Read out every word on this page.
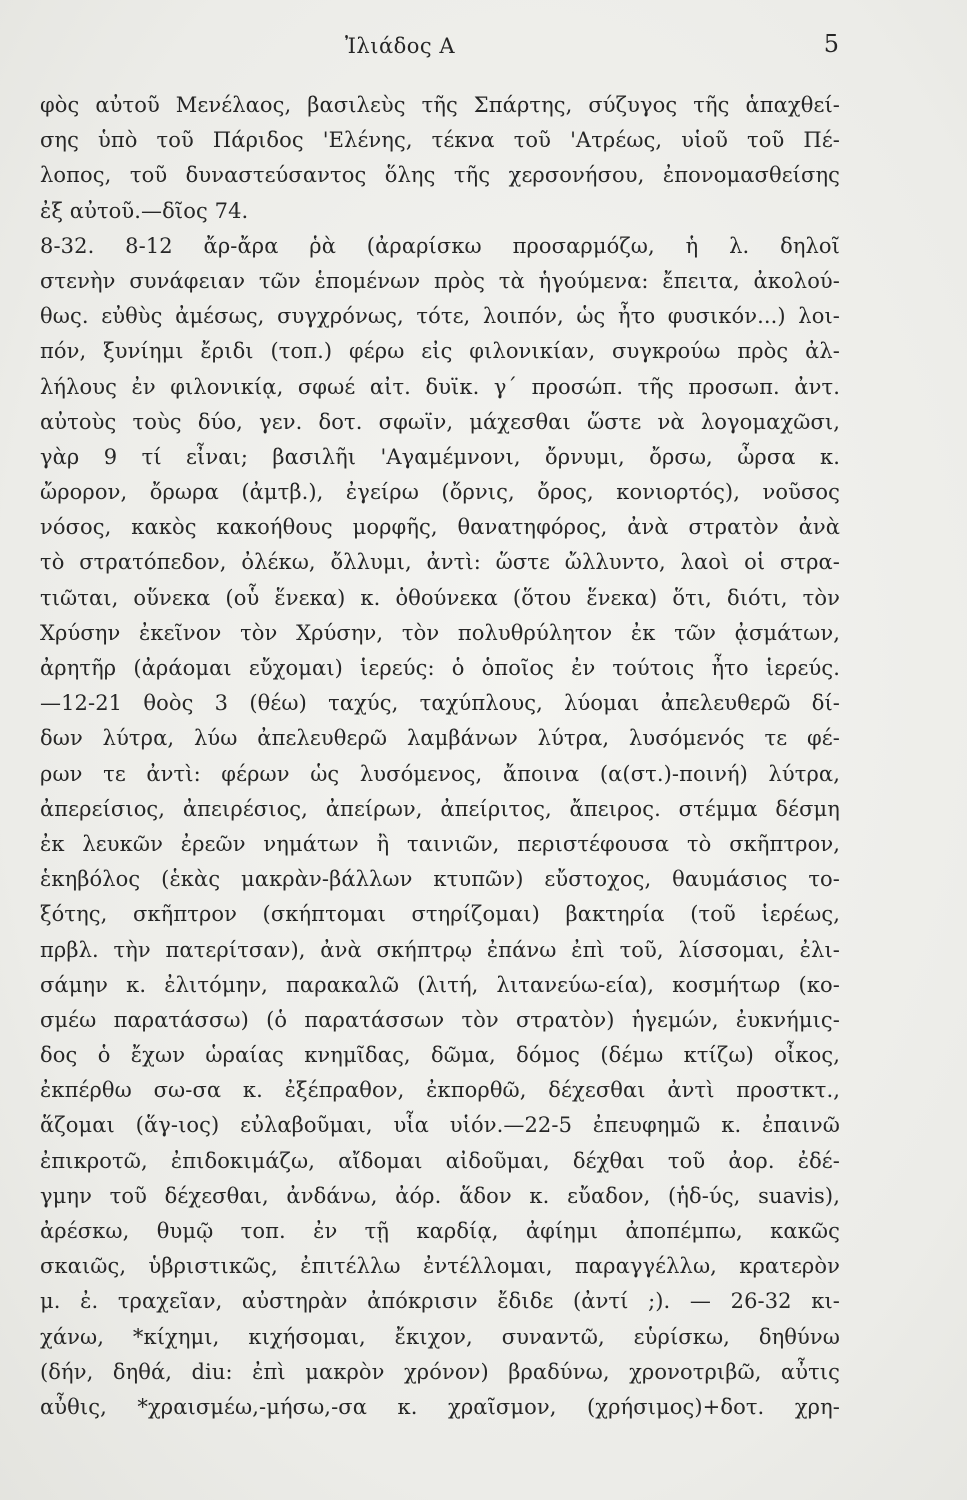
Ἰλιάδος Α	5
φὸς αὐτοῦ Μενέλαος, βασιλεὺς τῆς Σπάρτης, σύζυγος τῆς ἁπαχθεί-
σης ὑπὸ τοῦ Πάριδος 'Ελένης, τέκνα τοῦ 'Ατρέως, υἱοῦ τοῦ Πέ-
λοπος, τοῦ δυναστεύσαντος ὅλης τῆς χερσονήσου, ἐπονομασθείσης
ἐξ αὐτοῦ.—δῖος 74.
8-32. 8-12 ἄρ-ἄρα ῥὰ (ἀραρίσκω προσαρμόζω, ἡ λ. δηλοῖ
στενὴν συνάφειαν τῶν ἑπομένων πρὸς τὰ ἡγούμενα: ἔπειτα, ἀκολού-
θως. εὐθὺς ἀμέσως, συγχρόνως, τότε, λοιπόν, ὡς ἦτο φυσικόν...) λοι-
πόν, ξυνίημι ἔριδι (τοπ.) φέρω εἰς φιλονικίαν, συγκρούω πρὸς ἀλ-
λήλους ἐν φιλονικίᾳ, σφωέ αἰτ. δυϊκ. γ΄ προσώπ. τῆς προσωπ. ἀντ.
αὐτοὺς τοὺς δύο, γεν. δοτ. σφωϊν, μάχεσθαι ὥστε νὰ λογομαχῶσι,
γὰρ 9 τί εἶναι; βασιλῆι 'Αγαμέμνονι, ὄρνυμι, ὄρσω, ὦρσα κ.
ὤρορον, ὄρωρα (ἀμτβ.), ἐγείρω (ὄρνις, ὄρος, κονιορτός), νοῦσος
νόσος, κακὸς κακοήθους μορφῆς, θανατηφόρος, ἀνὰ στρατὸν ἀνὰ
τὸ στρατόπεδον, ὀλέκω, ὄλλυμι, ἀντὶ: ὥστε ὤλλυντο, λαοὶ οἱ στρα-
τιῶται, οὕνεκα (οὗ ἕνεκα) κ. ὁθούνεκα (ὅτου ἕνεκα) ὅτι, διότι, τὸν
Χρύσην ἐκεῖνον τὸν Χρύσην, τὸν πολυθρύλητον ἐκ τῶν ᾀσμάτων,
ἀρητῆρ (ἀράομαι εὔχομαι) ἱερεύς: ὁ ὁποῖος ἐν τούτοις ἦτο ἱερεύς.
—12-21 θοὸς 3 (θέω) ταχύς, ταχύπλους, λύομαι ἀπελευθερῶ δί-
δων λύτρα, λύω ἀπελευθερῶ λαμβάνων λύτρα, λυσόμενός τε φέ-
ρων τε ἀντὶ: φέρων ὡς λυσόμενος, ἄποινα (α(στ.)-ποινή) λύτρα,
ἀπερείσιος, ἀπειρέσιος, ἀπείρων, ἀπείριτος, ἄπειρος. στέμμα δέσμη
ἐκ λευκῶν ἐρεῶν νημάτων ἢ ταινιῶν, περιστέφουσα τὸ σκῆπτρον,
ἑκηβόλος (ἑκὰς μακρὰν-βάλλων κτυπῶν) εὔστοχος, θαυμάσιος το-
ξότης, σκῆπτρον (σκήπτομαι στηρίζομαι) βακτηρία (τοῦ ἱερέως,
πρβλ. τὴν πατερίτσαν), ἀνὰ σκήπτρῳ ἐπάνω ἐπὶ τοῦ, λίσσομαι, ἐλι-
σάμην κ. ἐλιτόμην, παρακαλῶ (λιτή, λιτανεύω-εία), κοσμήτωρ (κο-
σμέω παρατάσσω) (ὁ παρατάσσων τὸν στρατὸν) ἡγεμών, ἐυκνήμις-
δος ὁ ἔχων ὡραίας κνημῖδας, δῶμα, δόμος (δέμω κτίζω) οἶκος,
ἐκπέρθω σω-σα κ. ἐξέπραθον, ἐκπορθῶ, δέχεσθαι ἀντὶ προστκτ.,
ἅζομαι (ἅγ-ιος) εὐλαβοῦμαι, υἷα υἱόν.—22-5 ἐπευφημῶ κ. ἐπαινῶ
ἐπικροτῶ, ἐπιδοκιμάζω, αἴδομαι αἰδοῦμαι, δέχθαι τοῦ ἀορ. ἐδέ-
γμην τοῦ δέχεσθαι, ἀνδάνω, ἀόρ. ἅδον κ. εὔαδον, (ἡδ-ύς, suavis),
ἀρέσκω, θυμῷ τοπ. ἐν τῇ καρδίᾳ, ἀφίημι ἀποπέμπω, κακῶς
σκαιῶς, ὑβριστικῶς, ἐπιτέλλω ἐντέλλομαι, παραγγέλλω, κρατερὸν
μ. ἐ. τραχεῖαν, αὐστηρὰν ἀπόκρισιν ἔδιδε (ἀντί ;). — 26-32 κι-
χάνω, *κίχημι, κιχήσομαι, ἔκιχον, συναντῶ, εὑρίσκω, δηθύνω
(δήν, δηθά, diu: ἐπὶ μακρὸν χρόνον) βραδύνω, χρονοτριβῶ, αὖτις
αὖθις, *χραισμέω,-μήσω,-σα κ. χραῖσμον, (χρήσιμος)+δοτ. χρη-
